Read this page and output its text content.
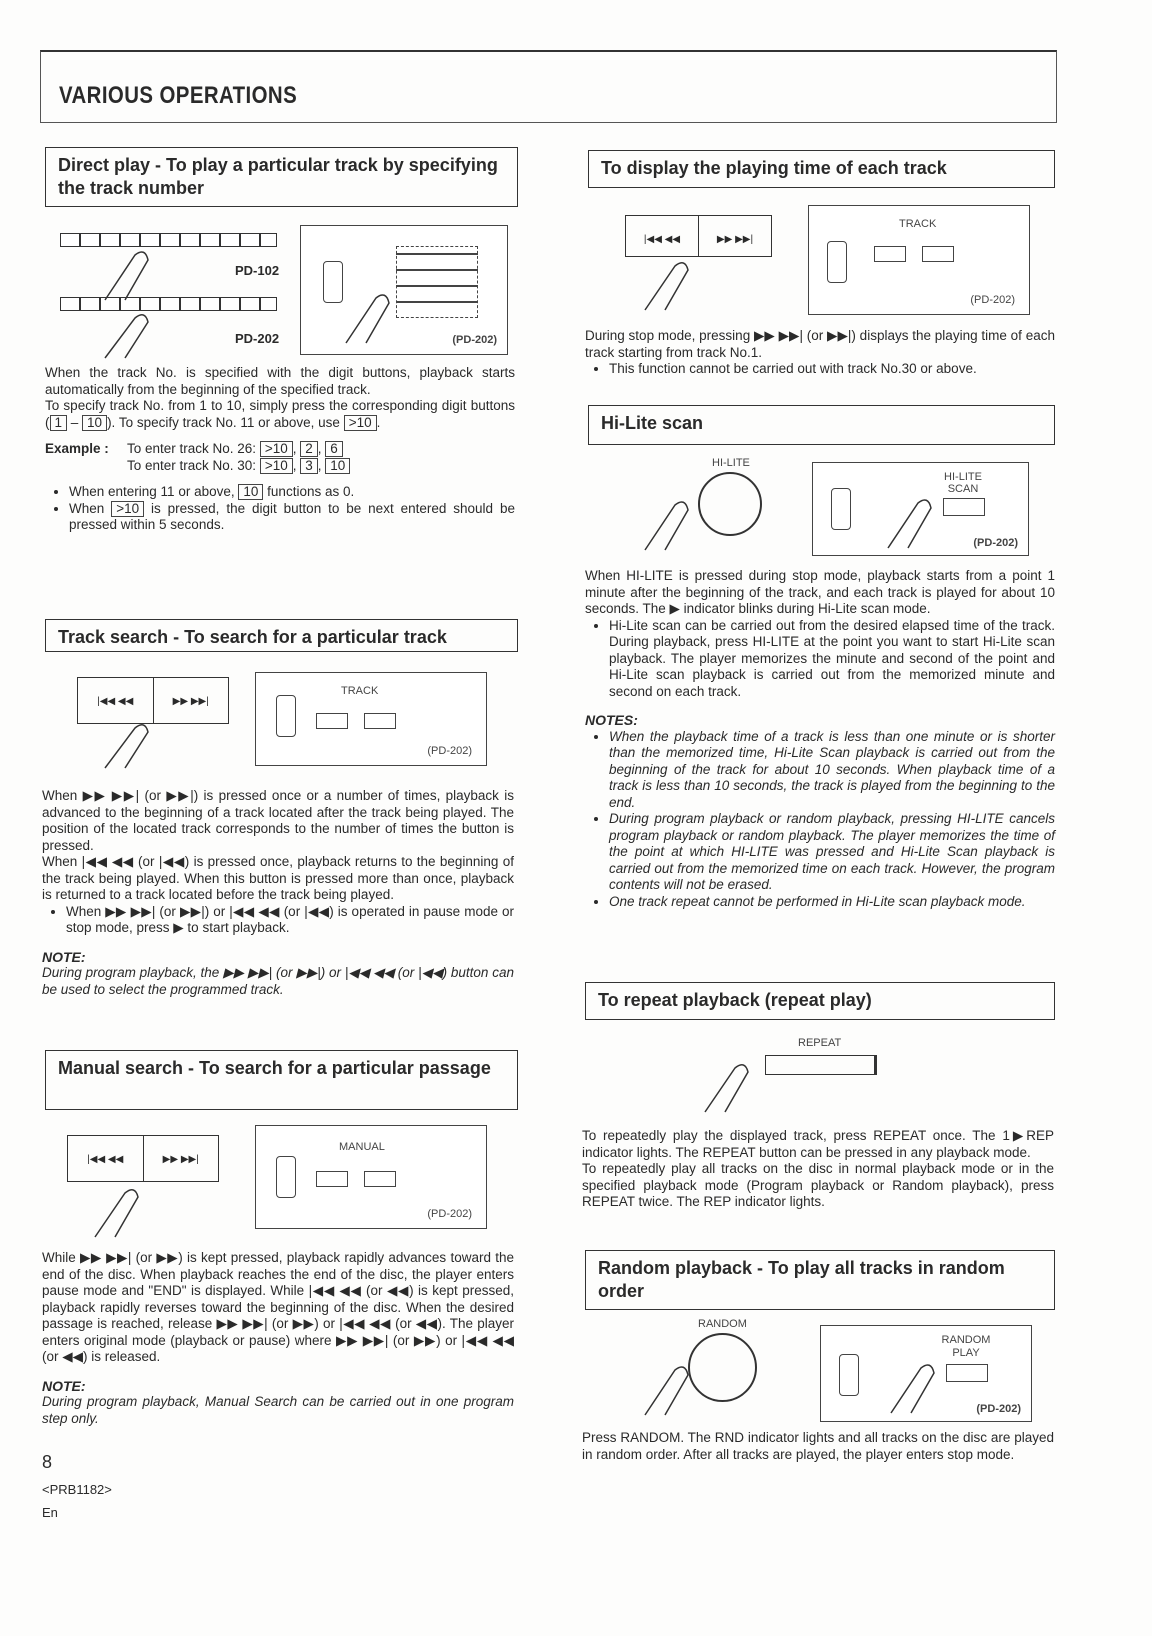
VARIOUS OPERATIONS
Direct play - To play a particular track by specifying the track number
PD-102
PD-202	(PD-202)

When the track No. is specified with the digit buttons, playback starts automatically from the beginning of the specified track.

To specify track No. from 1 to 10, simply press the corresponding digit buttons ( 1 – 10 ). To specify track No. 11 or above, use >10 .

Example :	To enter track No. 26: >10 , 2 , 6
To enter track No. 30: >10 , 3 , 10
• When entering 11 or above, 10 functions as 0.
• When >10 is pressed, the digit button to be next entered should be pressed within 5 seconds.
Track search - To search for a particular track
|◀◀ ◀◀	▶▶ ▶▶|
TRACK
(PD-202)

When ▶▶ ▶▶| (or ▶▶|) is pressed once or a number of times, playback is advanced to the beginning of a track located after the track being played. The position of the located track corresponds to the number of times the button is pressed.

When |◀◀ ◀◀ (or |◀◀) is pressed once, playback returns to the beginning of the track being played. When this button is pressed more than once, playback is returned to a track located before the track being played.

• When ▶▶ ▶▶| (or ▶▶|) or |◀◀ ◀◀ (or |◀◀) is operated in pause mode or stop mode, press ▶ to start playback.
NOTE:

During program playback, the ▶▶ ▶▶| (or ▶▶|) or |◀◀ ◀◀ (or |◀◀) button can be used to select the programmed track.

Manual search - To search for a particular passage
|◀◀ ◀◀	▶▶ ▶▶|
MANUAL
(PD-202)

While ▶▶ ▶▶| (or ▶▶) is kept pressed, playback rapidly advances toward the end of the disc. When playback reaches the end of the disc, the player enters pause mode and "END" is displayed. While |◀◀ ◀◀ (or ◀◀) is kept pressed, playback rapidly reverses toward the beginning of the disc. When the desired passage is reached, release ▶▶ ▶▶| (or ▶▶) or |◀◀ ◀◀ (or ◀◀). The player enters original mode (playback or pause) where ▶▶ ▶▶| (or ▶▶) or |◀◀ ◀◀ (or ◀◀) is released.

NOTE:

During program playback, Manual Search can be carried out in one program step only.

8
<PRB1182>
En
To display the playing time of each track
|◀◀ ◀◀	▶▶ ▶▶|
TRACK
(PD-202)

During stop mode, pressing ▶▶ ▶▶| (or ▶▶|) displays the playing time of each track starting from track No.1.

• This function cannot be carried out with track No.30 or above.
Hi-Lite scan
HI-LITE
HI-LITE SCAN
(PD-202)

When HI-LITE is pressed during stop mode, playback starts from a point 1 minute after the beginning of the track, and each track is played for about 10 seconds. The ▶ indicator blinks during Hi-Lite scan mode.

• Hi-Lite scan can be carried out from the desired elapsed time of the track. During playback, press HI-LITE at the point you want to start Hi-Lite scan playback. The player memorizes the minute and second of the point and Hi-Lite scan playback is carried out from the memorized minute and second on each track.
NOTES:
• When the playback time of a track is less than one minute or is shorter than the memorized time, Hi-Lite Scan playback is carried out from the beginning of the track for about 10 seconds. When playback time of a track is less than 10 seconds, the track is played from the beginning to the end.
• During program playback or random playback, pressing HI-LITE cancels program playback or random playback. The player memorizes the time of the point at which HI-LITE was pressed and Hi-Lite Scan playback is carried out from the memorized time on each track. However, the program contents will not be erased.
• One track repeat cannot be performed in Hi-Lite scan playback mode.
To repeat playback (repeat play)
REPEAT

To repeatedly play the displayed track, press REPEAT once. The 1▶REP indicator lights. The REPEAT button can be pressed in any playback mode.

To repeatedly play all tracks on the disc in normal playback mode or in the specified playback mode (Program playback or Random playback), press REPEAT twice. The REP indicator lights.

Random playback - To play all tracks in random order
RANDOM
RANDOM PLAY
(PD-202)

Press RANDOM. The RND indicator lights and all tracks on the disc are played in random order. After all tracks are played, the player enters stop mode.
